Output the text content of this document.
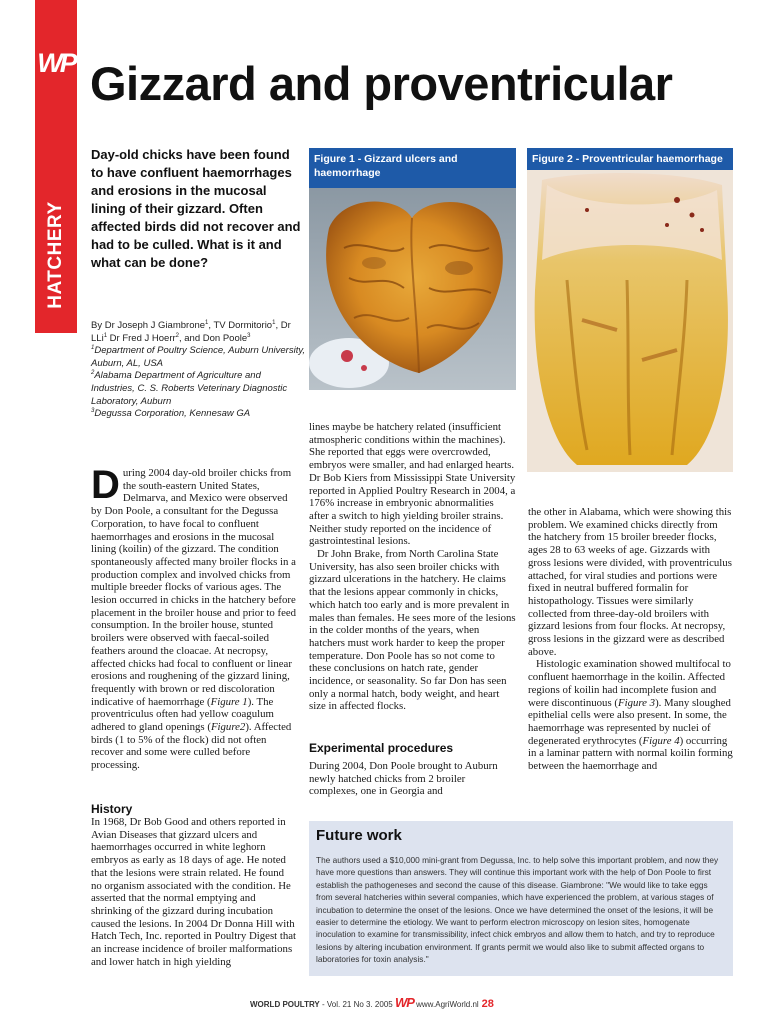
WP
HATCHERY
Gizzard and proventricular
Day-old chicks have been found to have confluent haemorrhages and erosions in the mucosal lining of their gizzard. Often affected birds did not recover and had to be culled. What is it and what can be done?
By Dr Joseph J Giambrone$^1$, TV Dormitorio$^1$, Dr LLi$^1$ Dr Fred J Hoerr$^2$, and Don Poole$^3$
$^1$Department of Poultry Science, Auburn University, Auburn, AL, USA
$^2$Alabama Department of Agriculture and Industries, C. S. Roberts Veterinary Diagnostic Laboratory, Auburn
$^3$Degussa Corporation, Kennesaw GA
Figure 1 - Gizzard ulcers and haemorrhage
Figure 2 - Proventricular haemorrhage

During 2004 day-old broiler chicks from the south-eastern United States, Delmarva, and Mexico were observed by Don Poole, a consultant for the Degussa Corporation, to have focal to confluent haemorrhages and erosions in the mucosal lining (koilin) of the gizzard. The condition spontaneously affected many broiler flocks in a production complex and involved chicks from multiple breeder flocks of various ages. The lesion occurred in chicks in the hatchery before placement in the broiler house and prior to feed consumption. In the broiler house, stunted broilers were observed with faecal-soiled feathers around the cloacae. At necropsy, affected chicks had focal to confluent or linear erosions and roughening of the gizzard lining, frequently with brown or red discoloration indicative of haemorrhage (Figure 1). The proventriculus often had yellow coagulum adhered to gland openings (Figure2). Affected birds (1 to 5% of the flock) did not often recover and some were culled before processing.

History

In 1968, Dr Bob Good and others reported in Avian Diseases that gizzard ulcers and haemorrhages occurred in white leghorn embryos as early as 18 days of age. He noted that the lesions were strain related. He found no organism associated with the condition. He asserted that the normal emptying and shrinking of the gizzard during incubation caused the lesions. In 2004 Dr Donna Hill with Hatch Tech, Inc. reported in Poultry Digest that an increase incidence of broiler malformations and lower hatch in high yielding

lines maybe be hatchery related (insufficient atmospheric conditions within the machines). She reported that eggs were overcrowded, embryos were smaller, and had enlarged hearts. Dr Bob Kiers from Mississippi State University reported in Applied Poultry Research in 2004, a 176% increase in embryonic abnormalities after a switch to high yielding broiler strains. Neither study reported on the incidence of gastrointestinal lesions.

Dr John Brake, from North Carolina State University, has also seen broiler chicks with gizzard ulcerations in the hatchery. He claims that the lesions appear commonly in chicks, which hatch too early and is more prevalent in males than females. He sees more of the lesions in the colder months of the years, when hatchers must work harder to keep the proper temperature. Don Poole has so not come to these conclusions on hatch rate, gender incidence, or seasonality. So far Don has seen only a normal hatch, body weight, and heart size in affected flocks.

Experimental procedures

During 2004, Don Poole brought to Auburn newly hatched chicks from 2 broiler complexes, one in Georgia and

the other in Alabama, which were showing this problem. We examined chicks directly from the hatchery from 15 broiler breeder flocks, ages 28 to 63 weeks of age. Gizzards with gross lesions were divided, with proventriculus attached, for viral studies and portions were fixed in neutral buffered formalin for histopathology. Tissues were similarly collected from three-day-old broilers with gizzard lesions from four flocks. At necropsy, gross lesions in the gizzard were as described above.

Histologic examination showed multifocal to confluent haemorrhage in the koilin. Affected regions of koilin had incomplete fusion and were discontinuous (Figure 3). Many sloughed epithelial cells were also present. In some, the haemorrhage was represented by nuclei of degenerated erythrocytes (Figure 4) occurring in a laminar pattern with normal koilin forming between the haemorrhage and

Future work
The authors used a $10,000 mini-grant from Degussa, Inc. to help solve this important problem, and now they have more questions than answers. They will continue this important work with the help of Don Poole to first establish the pathogeneses and second the cause of this disease. Giambrone: "We would like to take eggs from several hatcheries within several companies, which have experienced the problem, at various stages of incubation to determine the onset of the lesions. Once we have determined the onset of the lesions, it will be easier to determine the etiology. We want to perform electron microscopy on lesion sites, homogenate inoculation to examine for transmissibility, infect chick embryos and allow them to hatch, and try to reproduce lesions by altering incubation environment. If grants permit we would also like to submit affected organs to laboratories for toxin analysis."
WORLD POULTRY - Vol. 21 No 3. 2005 WP www.AgriWorld.nl 28
